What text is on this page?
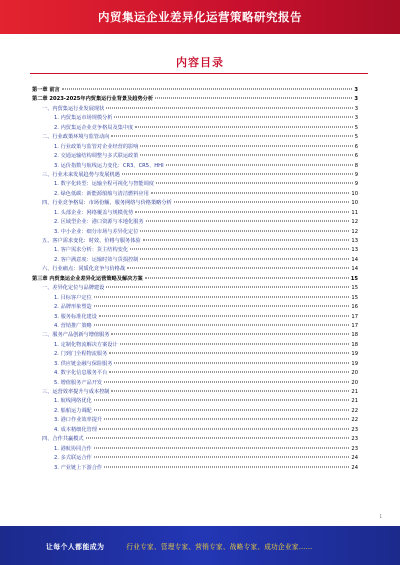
内贸集运企业差异化运营策略研究报告
内容目录
第一章 前言	3
第二章 2023-2025年内贸集运行业背景及趋势分析	3
一、内贸集运行业发展现状	3
1. 内贸集运市场规模分析	3
2. 内贸集运企业竞争格局及集中度	5
二、行业政策环境与监管动向	5
1. 行业政策与监管对企业经营的影响	6
2. 交通运输结构调整与多式联运政策	6
3. 运价指数与航线运力变化：CR3、CR5、HHI	8
三、行业未来发展趋势与发展机遇	9
1. 数字化转型：运输全程可视化与智能调度	9
2. 绿色低碳：新能源船舶与清洁燃料应用	10
四、行业竞争格局：市场份额、服务网络与价格策略分析	10
1. 头部企业：网络覆盖与规模优势	11
2. 区域型企业：港口资源与本地化服务	12
3. 中小企业：细分市场与差异化定位	12
五、客户需求变化：时效、价格与服务体验	13
1. 客户需求分析：货主结构变化	13
2. 客户满意度：运输时效与货损控制	14
六、行业痛点：同质化竞争与价格战	14
第三章 内贸集运企业差异化运营策略及解决方案	15
一、差异化定位与品牌建设	15
1. 目标客户定位	15
2. 品牌形象塑造	16
3. 服务标准化建设	17
4. 营销推广策略	17
二、服务产品创新与增值服务	18
1. 定制化物流解决方案设计	18
2. 门到门全程物流服务	19
3. 供应链金融与保险服务	19
4. 数字化信息服务平台	20
5. 增值服务产品开发	20
三、运营效率提升与成本控制	21
1. 航线网络优化	21
2. 船舶运力调配	22
3. 港口作业效率提升	22
4. 成本精细化管理	23
四、合作共赢模式	23
1. 港航协同合作	23
2. 多式联运合作	24
3. 产业链上下游合作	24
1
让每个人都能成为	行业专家、管理专家、营销专家、战略专家、成功企业家……
